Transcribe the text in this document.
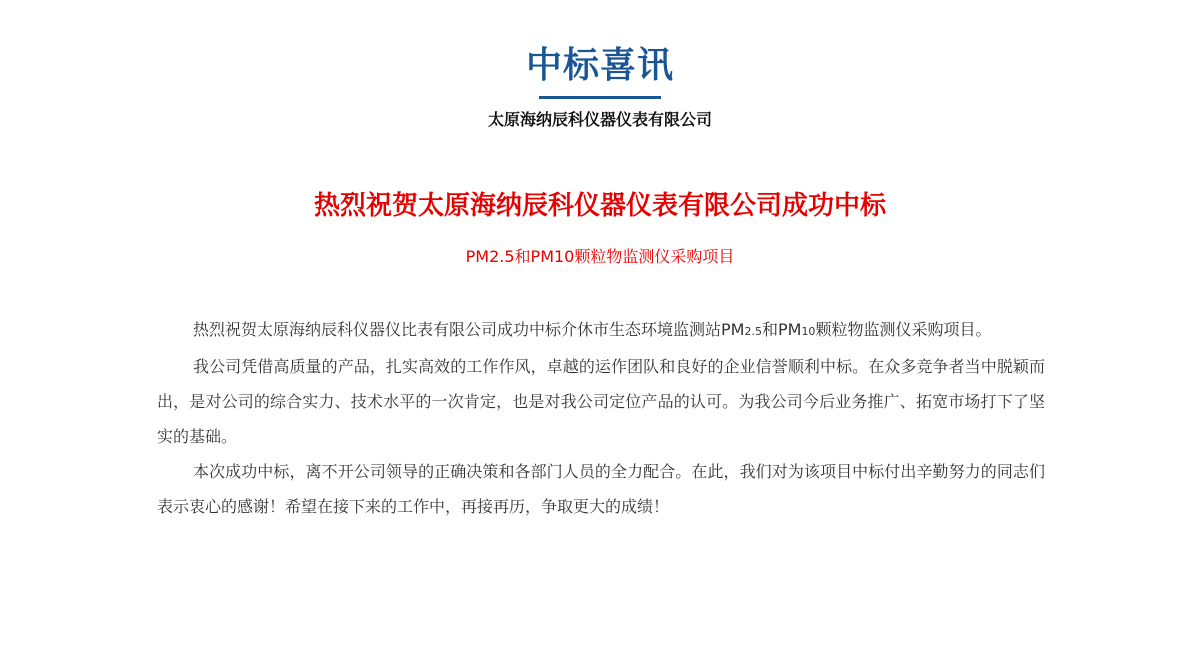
中标喜讯
太原海纳辰科仪器仪表有限公司
热烈祝贺太原海纳辰科仪器仪表有限公司成功中标
PM2.5和PM10颗粒物监测仪采购项目

热烈祝贺太原海纳辰科仪器仪比表有限公司成功中标介休市生态环境监测站PM2.5和PM10颗粒物监测仪采购项目。

我公司凭借高质量的产品，扎实高效的工作作风，卓越的运作团队和良好的企业信誉顺利中标。在众多竞争者当中脱颖而出，是对公司的综合实力、技术水平的一次肯定，也是对我公司定位产品的认可。为我公司今后业务推广、拓宽市场打下了坚实的基础。

本次成功中标，离不开公司领导的正确决策和各部门人员的全力配合。在此，我们对为该项目中标付出辛勤努力的同志们表示衷心的感谢！希望在接下来的工作中，再接再历，争取更大的成绩！
